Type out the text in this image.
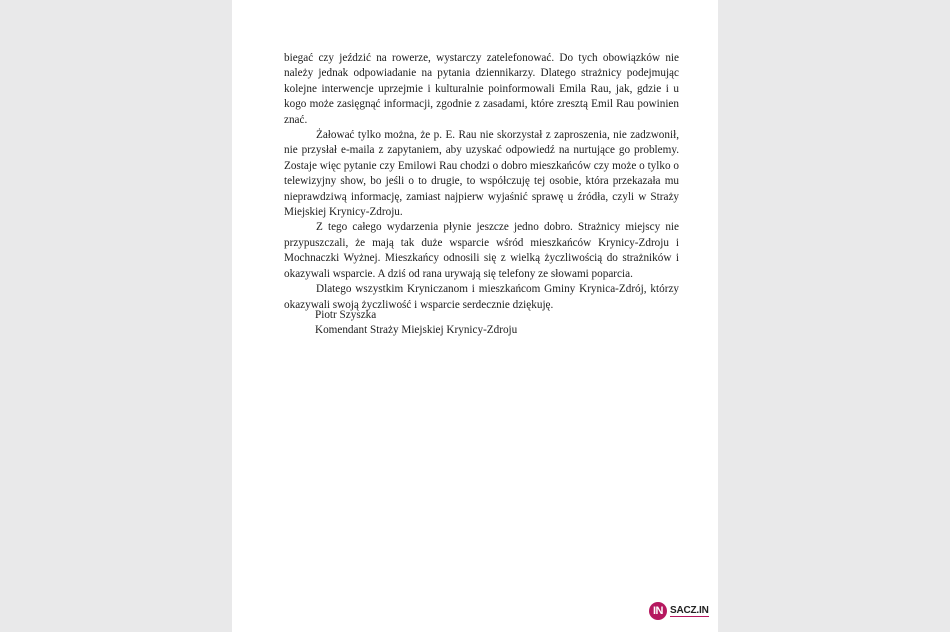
biegać czy jeździć na rowerze, wystarczy zatelefonować. Do tych obowiązków nie należy jednak odpowiadanie na pytania dziennikarzy. Dlatego strażnicy podejmując kolejne interwencje uprzejmie i kulturalnie poinformowali Emila Rau, jak, gdzie i u kogo może zasięgnąć informacji, zgodnie z zasadami, które zresztą Emil Rau powinien znać.

Żałować tylko można, że p. E. Rau nie skorzystał z zaproszenia, nie zadzwonił, nie przysłał e-maila z zapytaniem, aby uzyskać odpowiedź na nurtujące go problemy. Zostaje więc pytanie czy Emilowi Rau chodzi o dobro mieszkańców czy może o tylko o telewizyjny show, bo jeśli o to drugie, to współczuję tej osobie, która przekazała mu nieprawdziwą informację, zamiast najpierw wyjaśnić sprawę u źródła, czyli w Straży Miejskiej Krynicy-Zdroju.

Z tego całego wydarzenia płynie jeszcze jedno dobro. Strażnicy miejscy nie przypuszczali, że mają tak duże wsparcie wśród mieszkańców Krynicy-Zdroju i Mochnaczki Wyżnej. Mieszkańcy odnosili się z wielką życzliwością do strażników i okazywali wsparcie. A dziś od rana urywają się telefony ze słowami poparcia.

Dlatego wszystkim Kryniczanom i mieszkańcom Gminy Krynica-Zdrój, którzy okazywali swoją życzliwość i wsparcie serdecznie dziękuję.

Piotr Szyszka
Komendant Straży Miejskiej Krynicy-Zdroju
IN SACZ.IN
